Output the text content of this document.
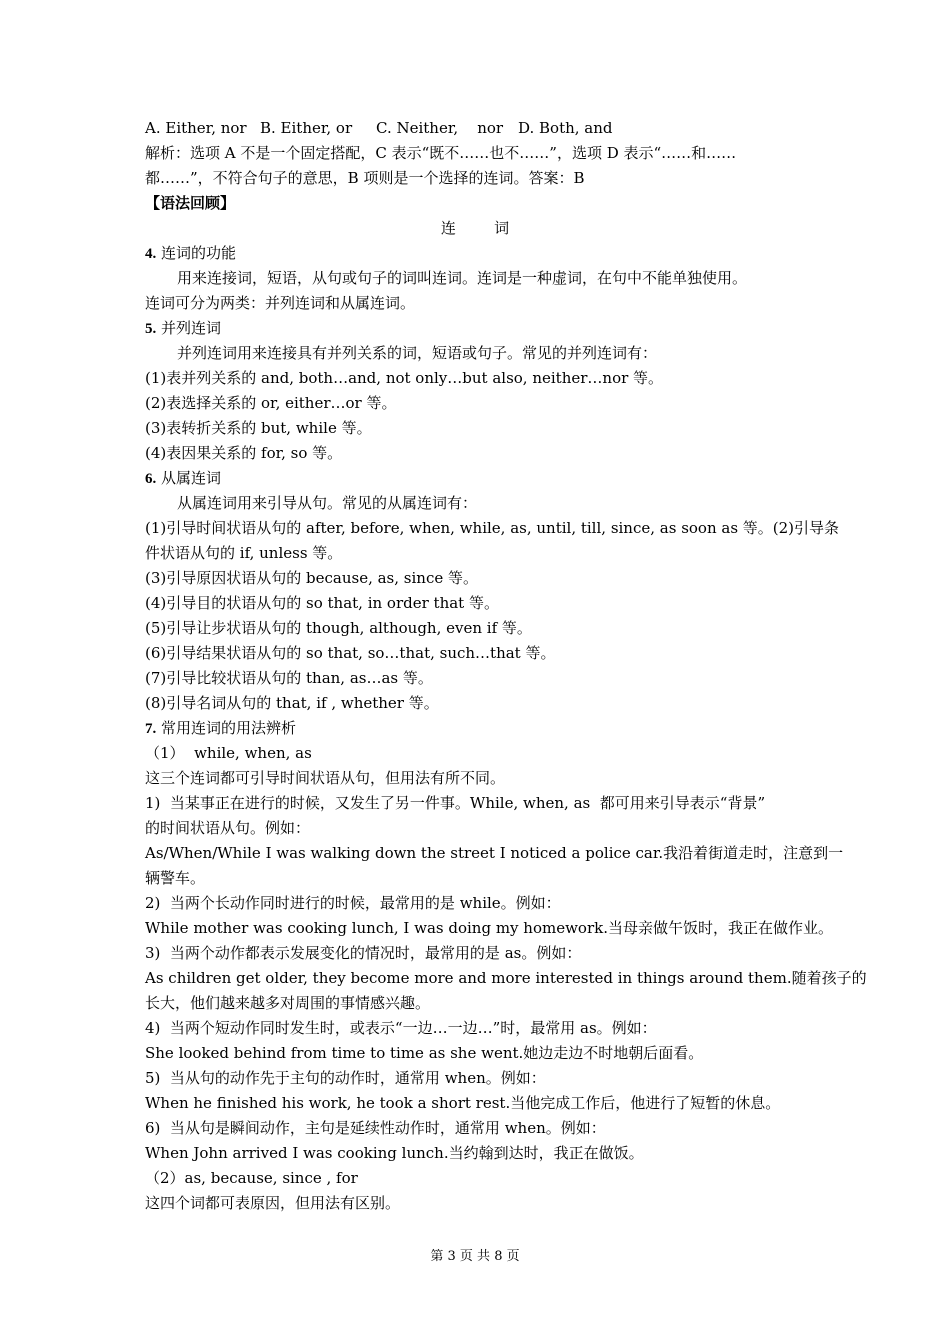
A. Either, nor B. Either, or C. Neither,    nor D. Both, and
解析：选项 A 不是一个固定搭配，C 表示“既不……也不……”，选项 D 表示“……和……
都……”，不符合句子的意思，B 项则是一个选择的连词。答案：B
【语法回顾】
连        词
4. 连词的功能
用来连接词，短语，从句或句子的词叫连词。连词是一种虚词，在句中不能单独使用。
连词可分为两类：并列连词和从属连词。
5. 并列连词
并列连词用来连接具有并列关系的词，短语或句子。常见的并列连词有：
(1)表并列关系的 and, both…and, not only…but also, neither…nor 等。
(2)表选择关系的 or, either…or 等。
(3)表转折关系的 but, while 等。
(4)表因果关系的 for, so 等。
6. 从属连词
从属连词用来引导从句。常见的从属连词有：
(1)引导时间状语从句的 after, before, when, while, as, until, till, since, as soon as 等。(2)引导条
件状语从句的 if, unless 等。
(3)引导原因状语从句的 because, as, since 等。
(4)引导目的状语从句的 so that, in order that 等。
(5)引导让步状语从句的 though, although, even if 等。
(6)引导结果状语从句的 so that, so…that, such…that 等。
(7)引导比较状语从句的 than, as…as 等。
(8)引导名词从句的 that, if , whether 等。
7. 常用连词的用法辨析
（1）  while, when, as
这三个连词都可引导时间状语从句，但用法有所不同。
1)  当某事正在进行的时候，又发生了另一件事。While, when, as  都可用来引导表示“背景”
的时间状语从句。例如：
As/When/While I was walking down the street I noticed a police car.我沿着街道走时，注意到一
辆警车。
2)  当两个长动作同时进行的时候，最常用的是 while。例如：
While mother was cooking lunch, I was doing my homework.当母亲做午饭时，我正在做作业。
3)  当两个动作都表示发展变化的情况时，最常用的是 as。例如：
As children get older, they become more and more interested in things around them.随着孩子的
长大，他们越来越多对周围的事情感兴趣。
4)  当两个短动作同时发生时，或表示“一边…一边…”时，最常用 as。例如：
She looked behind from time to time as she went.她边走边不时地朝后面看。
5)  当从句的动作先于主句的动作时，通常用 when。例如：
When he finished his work, he took a short rest.当他完成工作后，他进行了短暂的休息。
6)  当从句是瞬间动作，主句是延续性动作时，通常用 when。例如：
When John arrived I was cooking lunch.当约翰到达时，我正在做饭。
（2）as, because, since , for
这四个词都可表原因，但用法有区别。
第 3 页 共 8 页
